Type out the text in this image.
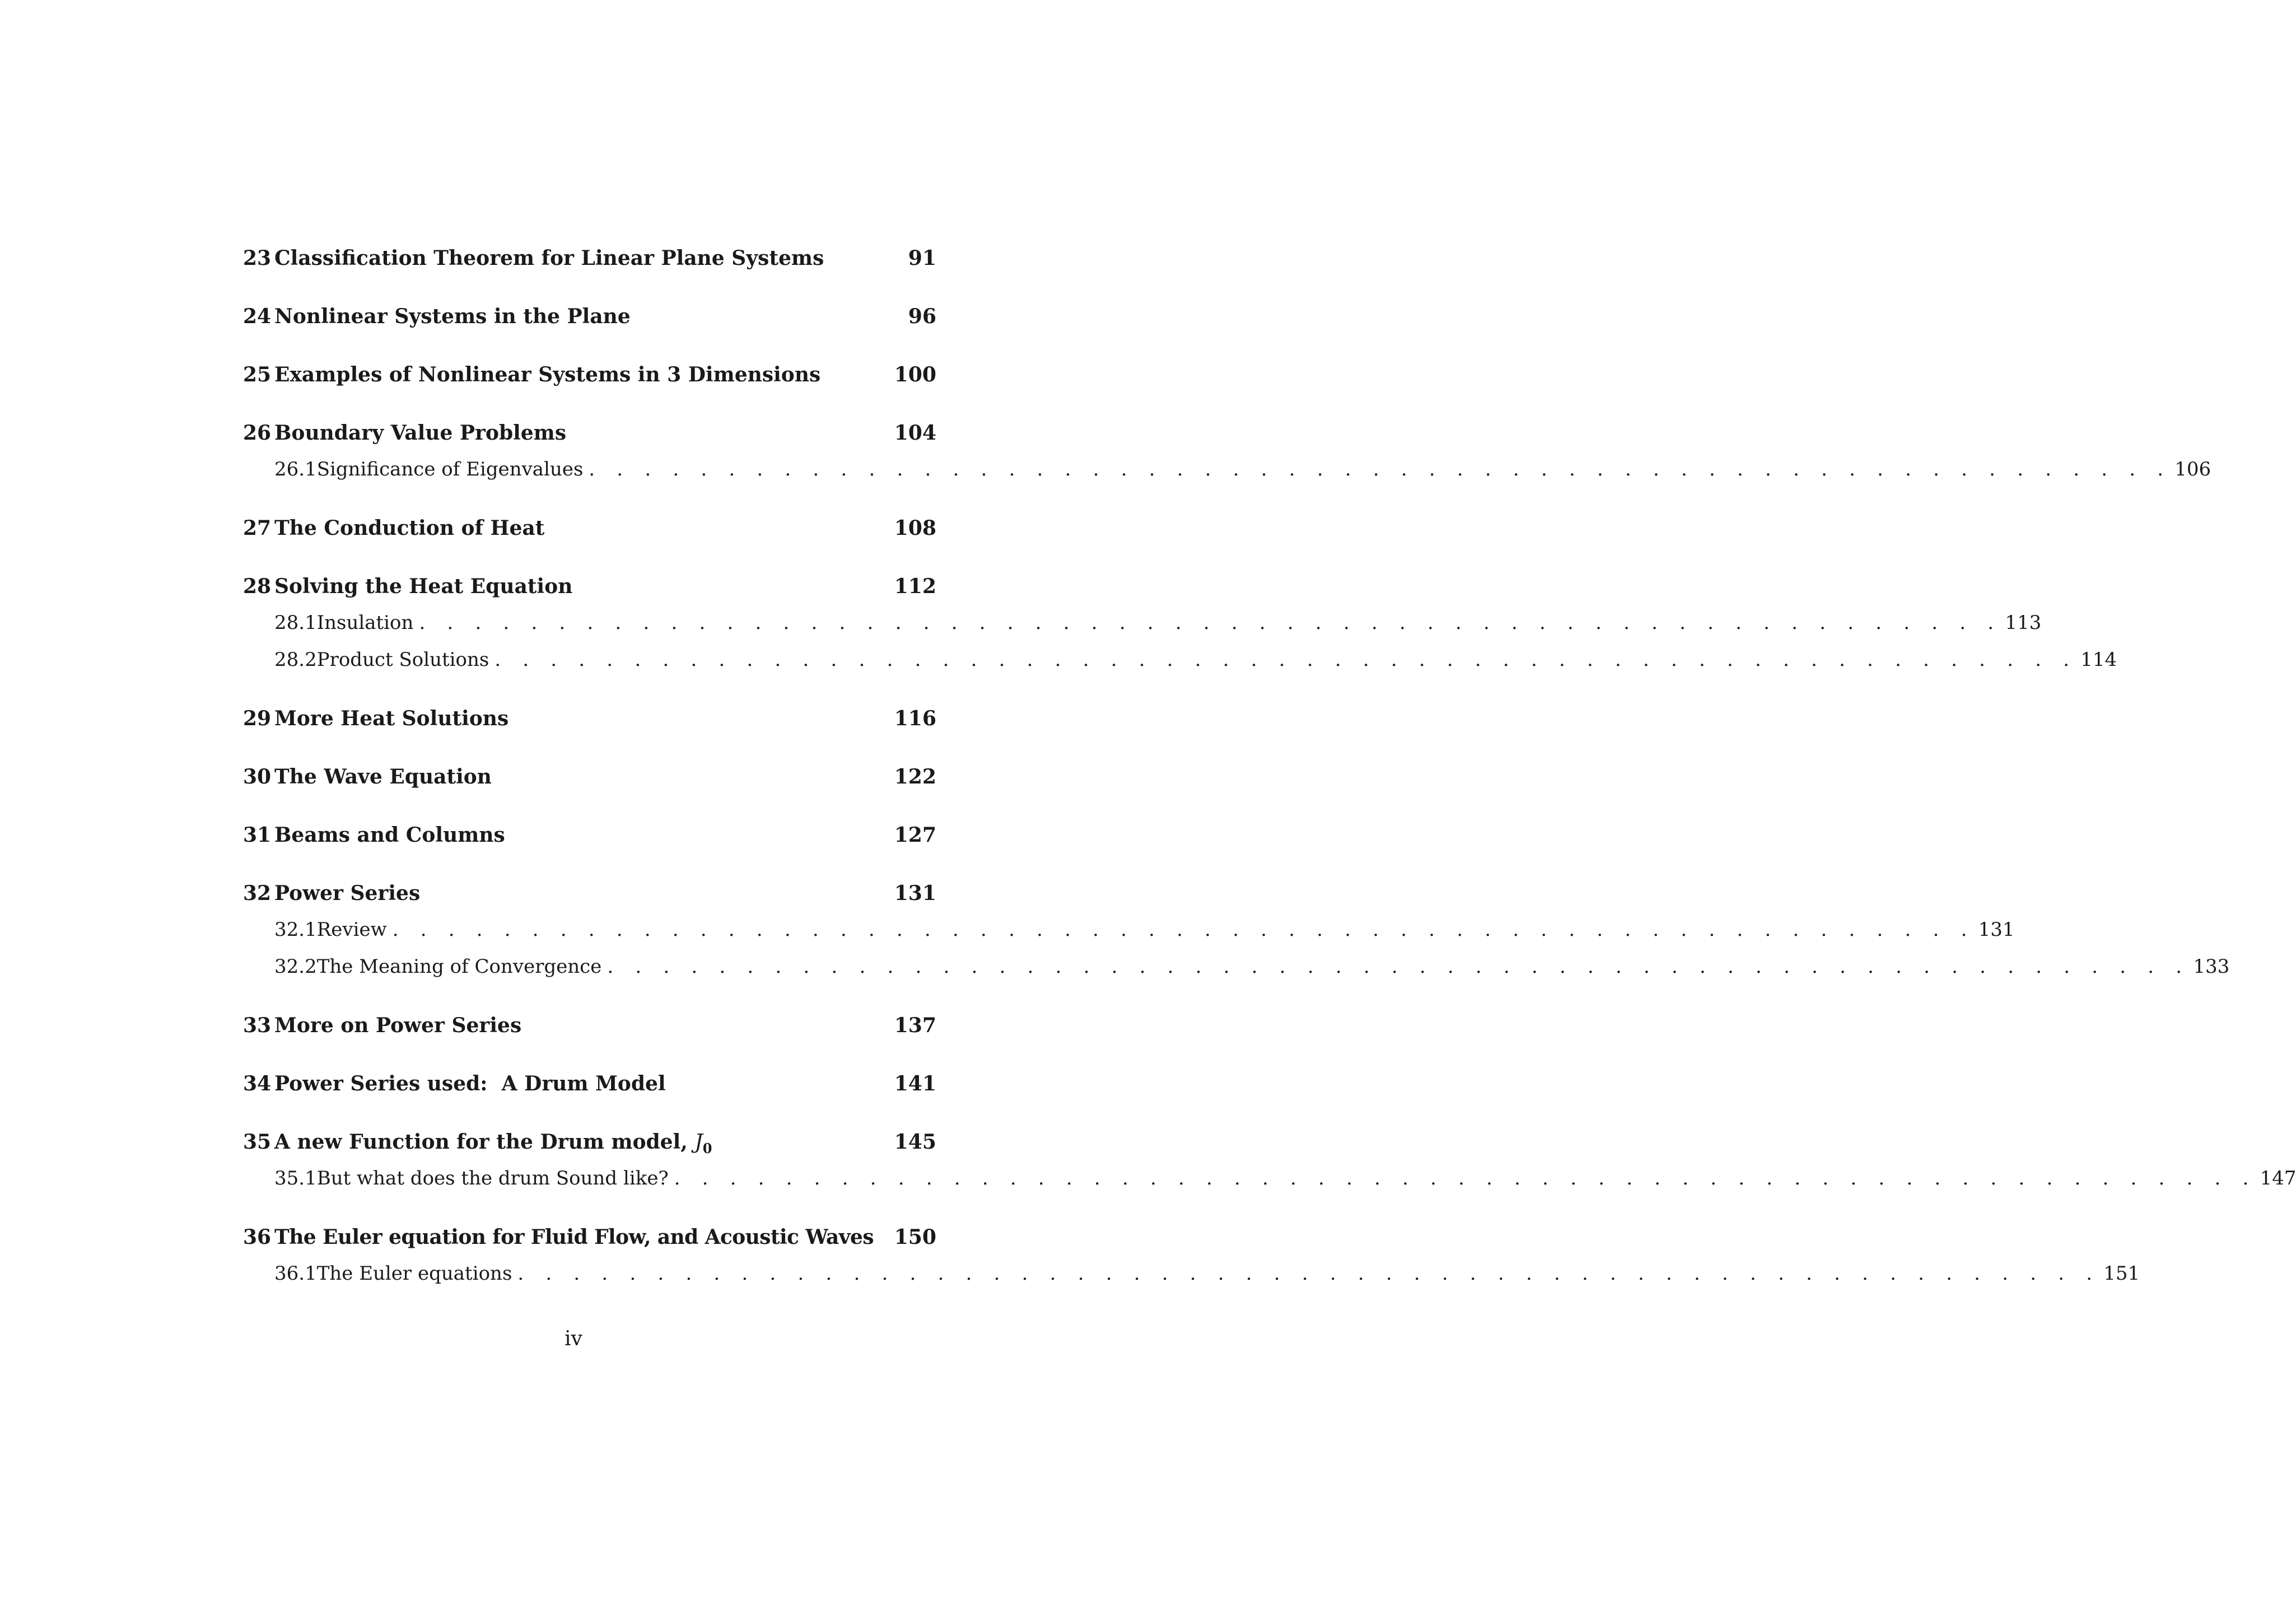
23 Classification Theorem for Linear Plane Systems	91
24 Nonlinear Systems in the Plane	96
25 Examples of Nonlinear Systems in 3 Dimensions	100
26 Boundary Value Problems	104
26.1 Significance of Eigenvalues . . . . . . . . . . . . . . . . . . . . . . . . . . . . . . . . . . . . . . . . . . . . . . . . . . . . . . . . . 106
27 The Conduction of Heat	108
28 Solving the Heat Equation	112
28.1 Insulation . . . . . . . . . . . . . . . . . . . . . . . . . . . . . . . . . . . . . . . . . . . . . . . . . . . . . . . . . 113
28.2 Product Solutions . . . . . . . . . . . . . . . . . . . . . . . . . . . . . . . . . . . . . . . . . . . . . . . . . . . . . . . . . 114
29 More Heat Solutions	116
30 The Wave Equation	122
31 Beams and Columns	127
32 Power Series	131
32.1 Review . . . . . . . . . . . . . . . . . . . . . . . . . . . . . . . . . . . . . . . . . . . . . . . . . . . . . . . . . 131
32.2 The Meaning of Convergence . . . . . . . . . . . . . . . . . . . . . . . . . . . . . . . . . . . . . . . . . . . . . . . . . . . . . . . . . 133
33 More on Power Series	137
34 Power Series used:  A Drum Model	141
35 A new Function for the Drum model, $J_0$	145
35.1 But what does the drum Sound like? . . . . . . . . . . . . . . . . . . . . . . . . . . . . . . . . . . . . . . . . . . . . . . . . . . . . . . . . . 147
36 The Euler equation for Fluid Flow, and Acoustic Waves	150
36.1 The Euler equations . . . . . . . . . . . . . . . . . . . . . . . . . . . . . . . . . . . . . . . . . . . . . . . . . . . . . . . . . 151
iv
